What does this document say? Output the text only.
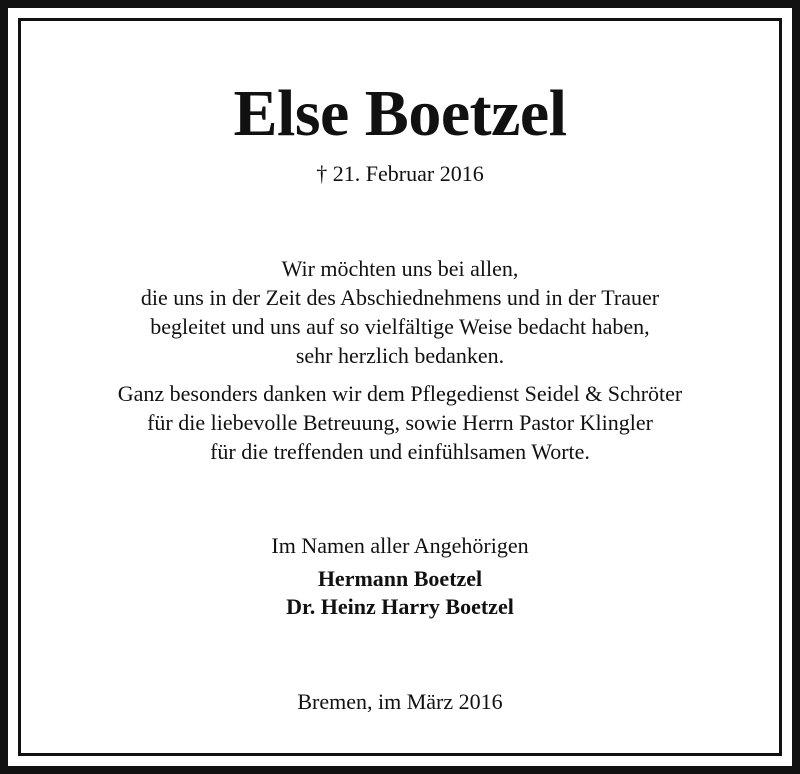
Else Boetzel
† 21. Februar 2016
Wir möchten uns bei allen,
die uns in der Zeit des Abschiednehmens und in der Trauer
begleitet und uns auf so vielfältige Weise bedacht haben,
sehr herzlich bedanken.
Ganz besonders danken wir dem Pflegedienst Seidel & Schröter
für die liebevolle Betreuung, sowie Herrn Pastor Klingler
für die treffenden und einfühlsamen Worte.
Im Namen aller Angehörigen
Hermann Boetzel
Dr. Heinz Harry Boetzel
Bremen, im März 2016
